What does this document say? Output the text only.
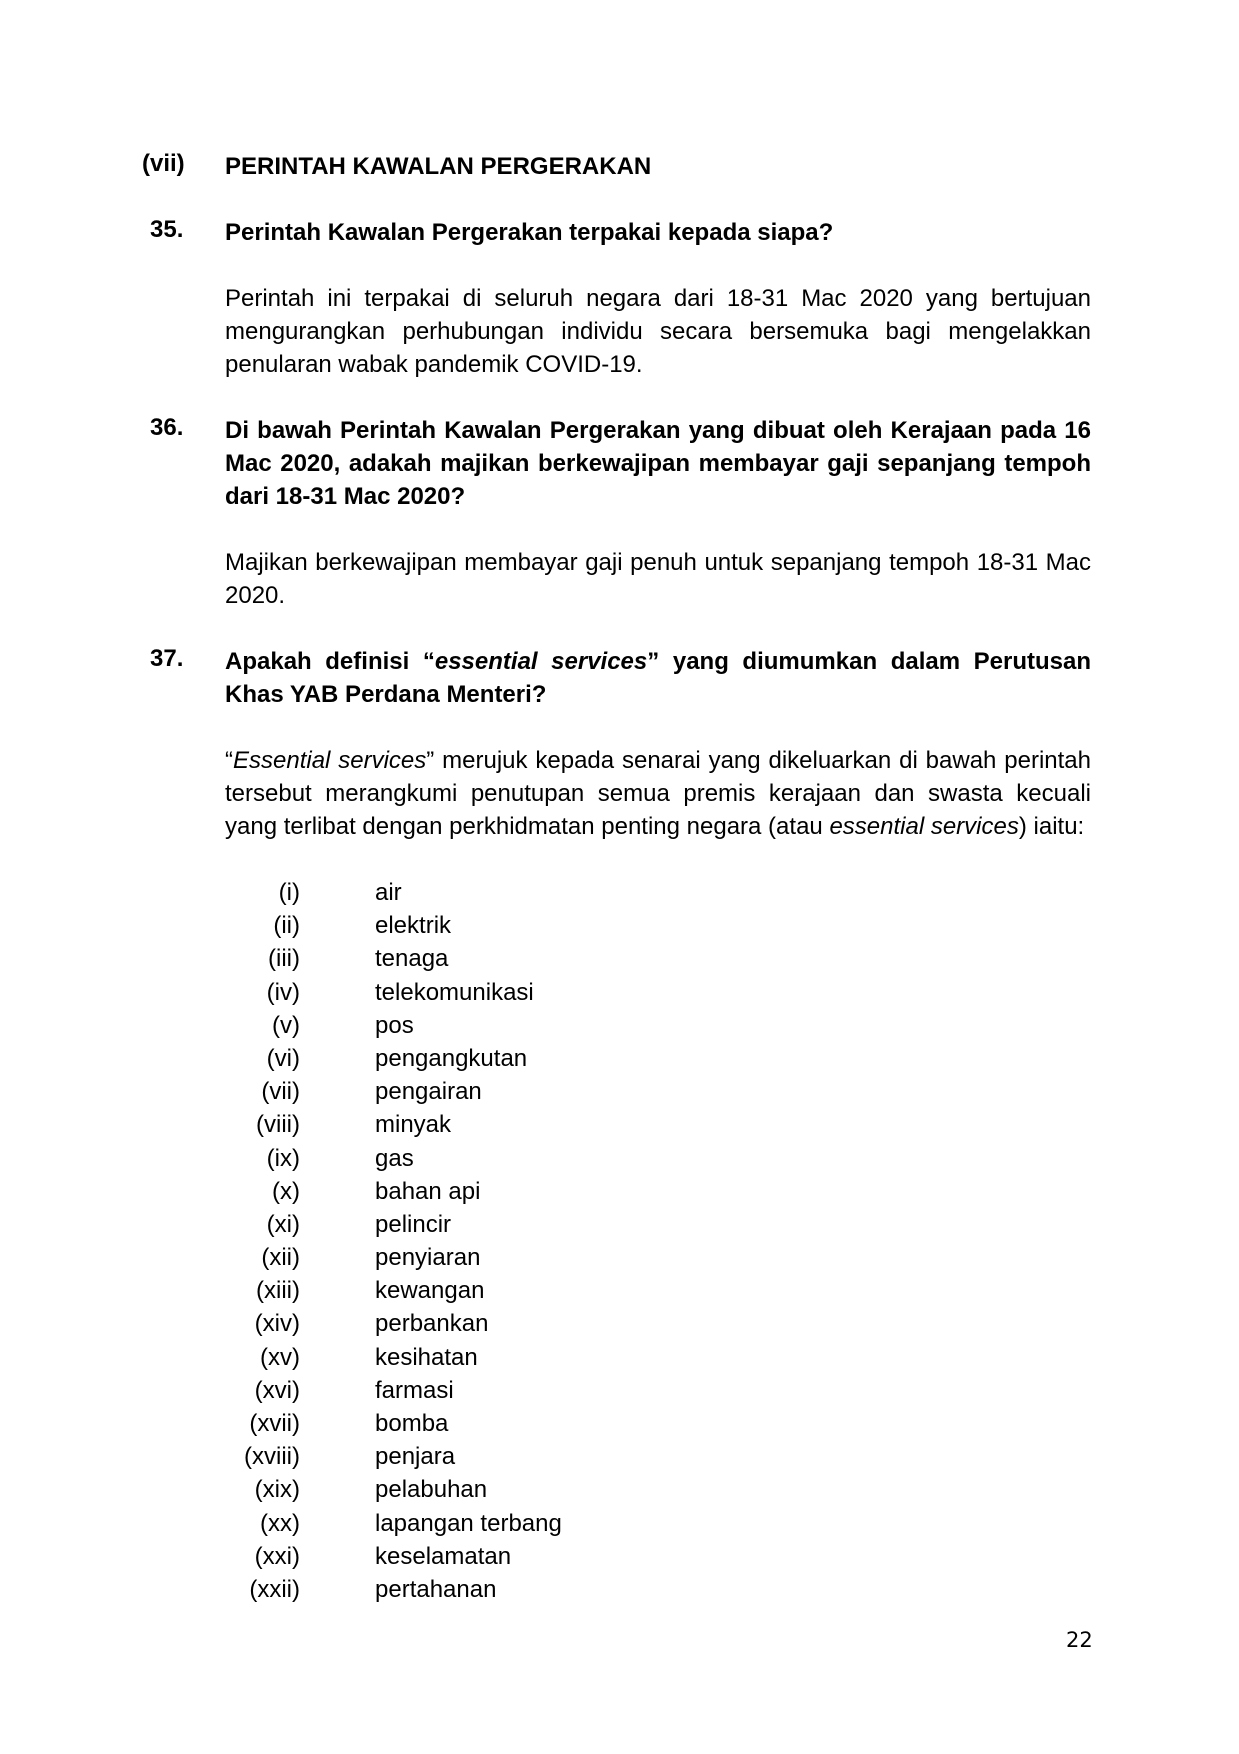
(vii)	PERINTAH KAWALAN PERGERAKAN
35.	Perintah Kawalan Pergerakan terpakai kepada siapa?
Perintah ini terpakai di seluruh negara dari 18-31 Mac 2020 yang bertujuan mengurangkan perhubungan individu secara bersemuka bagi mengelakkan penularan wabak pandemik COVID-19.
36.	Di bawah Perintah Kawalan Pergerakan yang dibuat oleh Kerajaan pada 16 Mac 2020, adakah majikan berkewajipan membayar gaji sepanjang tempoh dari 18-31 Mac 2020?
Majikan berkewajipan membayar gaji penuh untuk sepanjang tempoh 18-31 Mac 2020.
37.	Apakah definisi “essential services” yang diumumkan dalam Perutusan Khas YAB Perdana Menteri?
“Essential services” merujuk kepada senarai yang dikeluarkan di bawah perintah tersebut merangkumi penutupan semua premis kerajaan dan swasta kecuali yang terlibat dengan perkhidmatan penting negara (atau essential services) iaitu:
(i)	air
(ii)	elektrik
(iii)	tenaga
(iv)	telekomunikasi
(v)	pos
(vi)	pengangkutan
(vii)	pengairan
(viii)	minyak
(ix)	gas
(x)	bahan api
(xi)	pelincir
(xii)	penyiaran
(xiii)	kewangan
(xiv)	perbankan
(xv)	kesihatan
(xvi)	farmasi
(xvii)	bomba
(xviii)	penjara
(xix)	pelabuhan
(xx)	lapangan terbang
(xxi)	keselamatan
(xxii)	pertahanan
22
